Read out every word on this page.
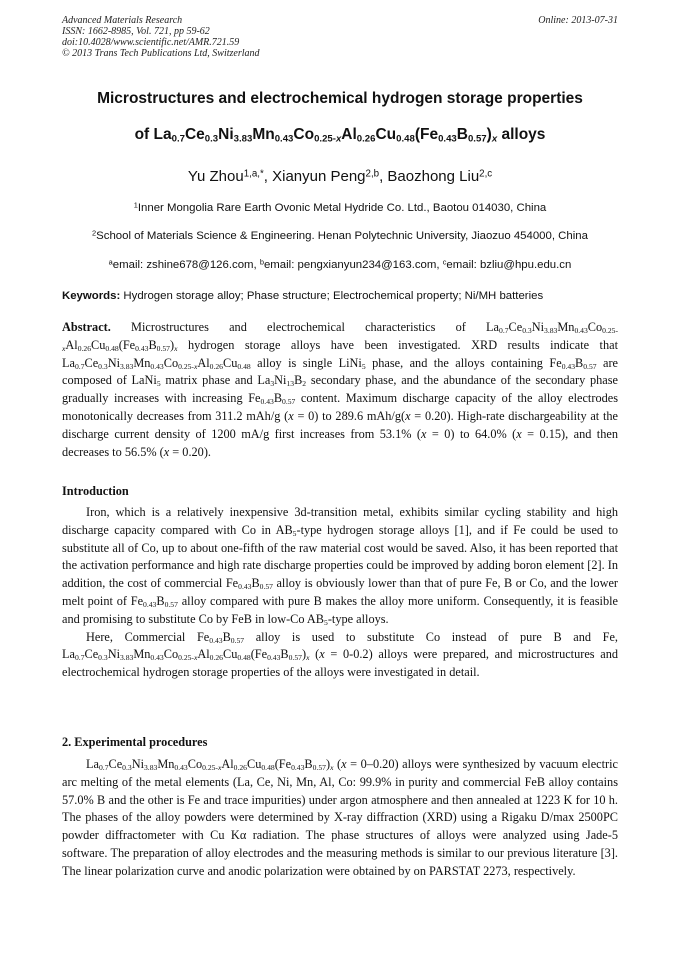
Advanced Materials Research
ISSN: 1662-8985, Vol. 721, pp 59-62
doi:10.4028/www.scientific.net/AMR.721.59
© 2013 Trans Tech Publications Ltd, Switzerland
Online: 2013-07-31
Microstructures and electrochemical hydrogen storage properties
of $La_{0.7}Ce_{0.3}Ni_{3.83}Mn_{0.43}Co_{0.25-x}Al_{0.26}Cu_{0.48}(Fe_{0.43}B_{0.57})_x$ alloys
Yu Zhou$^{1,a,*}$, Xianyun Peng$^{2,b}$, Baozhong Liu$^{2,c}$
$^1$Inner Mongolia Rare Earth Ovonic Metal Hydride Co. Ltd., Baotou 014030, China
$^2$School of Materials Science & Engineering. Henan Polytechnic University, Jiaozuo 454000, China
$^a$email: zshine678@126.com, $^b$email: pengxianyun234@163.com, $^c$email: bzliu@hpu.edu.cn
Keywords: Hydrogen storage alloy; Phase structure; Electrochemical property; Ni/MH batteries

Abstract. Microstructures and electrochemical characteristics of $La_{0.7}Ce_{0.3}Ni_{3.83}Mn_{0.43}Co_{0.25-x}Al_{0.26}Cu_{0.48}(Fe_{0.43}B_{0.57})_x$ hydrogen storage alloys have been investigated. XRD results indicate that $La_{0.7}Ce_{0.3}Ni_{3.83}Mn_{0.43}Co_{0.25-x}Al_{0.26}Cu_{0.48}$ alloy is single LiNi$_5$ phase, and the alloys containing $Fe_{0.43}B_{0.57}$ are composed of LaNi$_5$ matrix phase and $La_3Ni_{13}B_2$ secondary phase, and the abundance of the secondary phase gradually increases with increasing $Fe_{0.43}B_{0.57}$ content. Maximum discharge capacity of the alloy electrodes monotonically decreases from 311.2 mAh/g (x = 0) to 289.6 mAh/g(x = 0.20). High-rate dischargeability at the discharge current density of 1200 mA/g first increases from 53.1% (x = 0) to 64.0% (x = 0.15), and then decreases to 56.5% (x = 0.20).

Introduction

Iron, which is a relatively inexpensive 3d-transition metal, exhibits similar cycling stability and high discharge capacity compared with Co in $AB_5$-type hydrogen storage alloys [1], and if Fe could be used to substitute all of Co, up to about one-fifth of the raw material cost would be saved. Also, it has been reported that the activation performance and high rate discharge properties could be improved by adding boron element [2]. In addition, the cost of commercial $Fe_{0.43}B_{0.57}$ alloy is obviously lower than that of pure Fe, B or Co, and the lower melt point of $Fe_{0.43}B_{0.57}$ alloy compared with pure B makes the alloy more uniform. Consequently, it is feasible and promising to substitute Co by FeB in low-Co $AB_5$-type alloys.

Here, Commercial $Fe_{0.43}B_{0.57}$ alloy is used to substitute Co instead of pure B and Fe, $La_{0.7}Ce_{0.3}Ni_{3.83}Mn_{0.43}Co_{0.25-x}Al_{0.26}Cu_{0.48}(Fe_{0.43}B_{0.57})_x$ (x = 0-0.2) alloys were prepared, and microstructures and electrochemical hydrogen storage properties of the alloys were investigated in detail.

2. Experimental procedures

$La_{0.7}Ce_{0.3}Ni_{3.83}Mn_{0.43}Co_{0.25-x}Al_{0.26}Cu_{0.48}(Fe_{0.43}B_{0.57})_x$ (x = 0–0.20) alloys were synthesized by vacuum electric arc melting of the metal elements (La, Ce, Ni, Mn, Al, Co: 99.9% in purity and commercial FeB alloy contains 57.0% B and the other is Fe and trace impurities) under argon atmosphere and then annealed at 1223 K for 10 h. The phases of the alloy powders were determined by X-ray diffraction (XRD) using a Rigaku D/max 2500PC powder diffractometer with Cu Kα radiation. The phase structures of alloys were analyzed using Jade-5 software. The preparation of alloy electrodes and the measuring methods is similar to our previous literature [3]. The linear polarization curve and anodic polarization were obtained by on PARSTAT 2273, respectively.
